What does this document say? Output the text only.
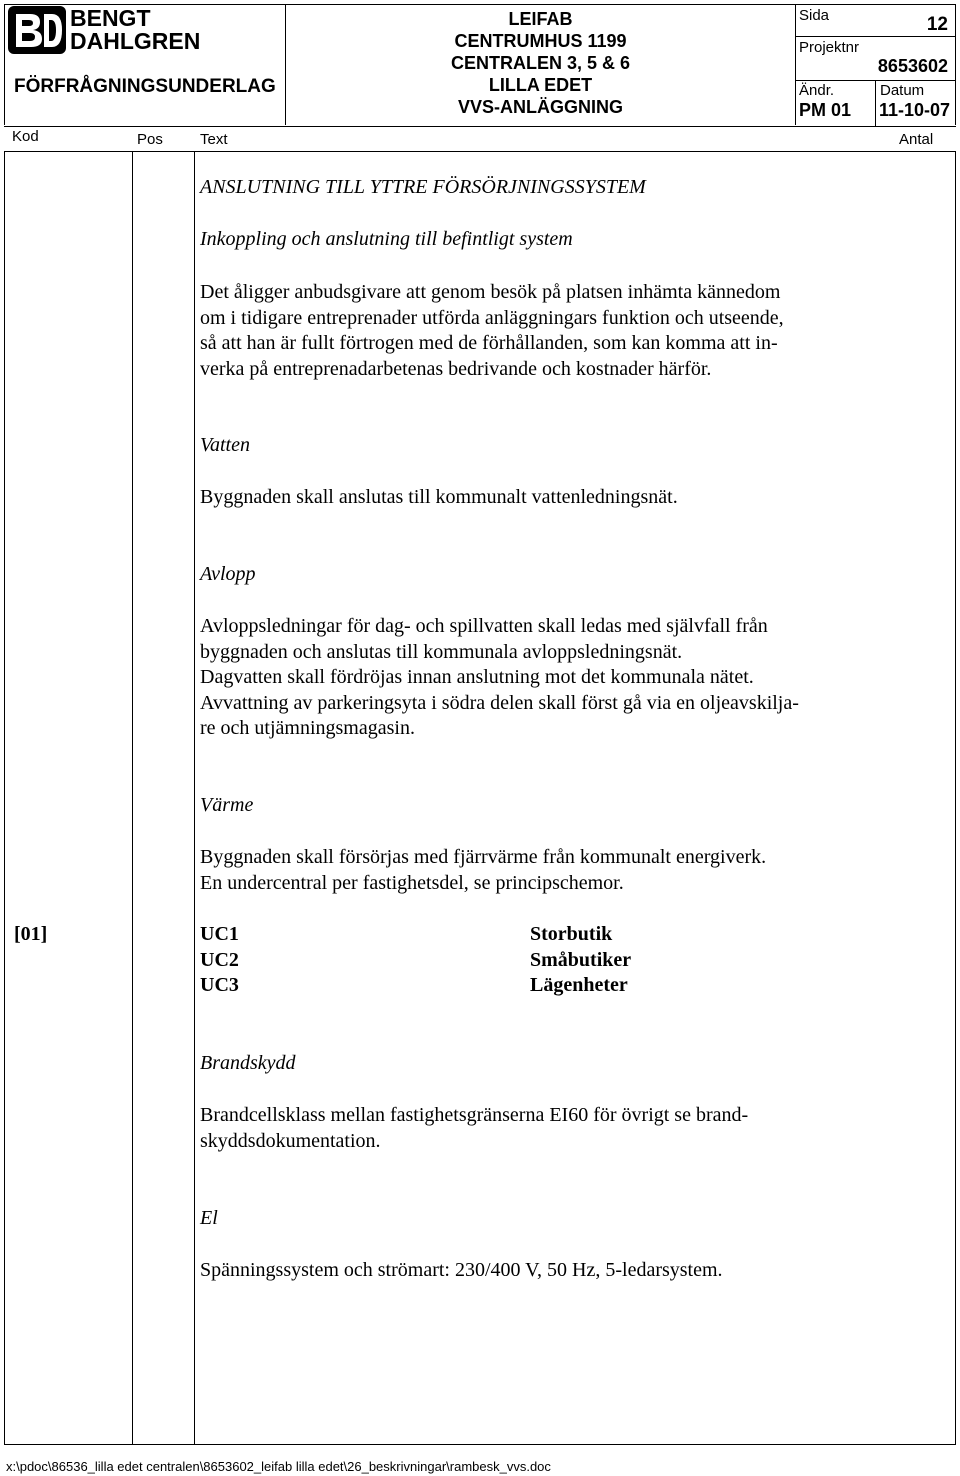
BENGT
DAHLGREN
FÖRFRÅGNINGSUNDERLAG
LEIFAB
CENTRUMHUS 1199
CENTRALEN 3, 5 & 6
LILLA EDET
VVS-ANLÄGGNING
Sida	12
Projektnr
8653602
Ändr.
PM 01
Datum
11-10-07
Kod	Pos Text	Antal
ANSLUTNING TILL YTTRE FÖRSÖRJNINGSSYSTEM
Inkoppling och anslutning till befintligt system
Det åligger anbudsgivare att genom besök på platsen inhämta kännedom
om i tidigare entreprenader utförda anläggningars funktion och utseende,
så att han är fullt förtrogen med de förhållanden, som kan komma att in-
verka på entreprenadarbetenas bedrivande och kostnader härför.
Vatten
Byggnaden skall anslutas till kommunalt vattenledningsnät.
Avlopp
Avloppsledningar för dag- och spillvatten skall ledas med självfall från
byggnaden och anslutas till kommunala avloppsledningsnät.
Dagvatten skall fördröjas innan anslutning mot det kommunala nätet.
Avvattning av parkeringsyta i södra delen skall först gå via en oljeavskilja-
re och utjämningsmagasin.
Värme
Byggnaden skall försörjas med fjärrvärme från kommunalt energiverk.
En undercentral per fastighetsdel, se principschemor.
[01]	UC1	Storbutik
UC2	Småbutiker
UC3	Lägenheter
Brandskydd
Brandcellsklass mellan fastighetsgränserna EI60 för övrigt se brand-
skyddsdokumentation.
El
Spänningssystem och strömart: 230/400 V, 50 Hz, 5-ledarsystem.
x:\pdoc\86536_lilla edet centralen\8653602_leifab lilla edet\26_beskrivningar\rambesk_vvs.doc
